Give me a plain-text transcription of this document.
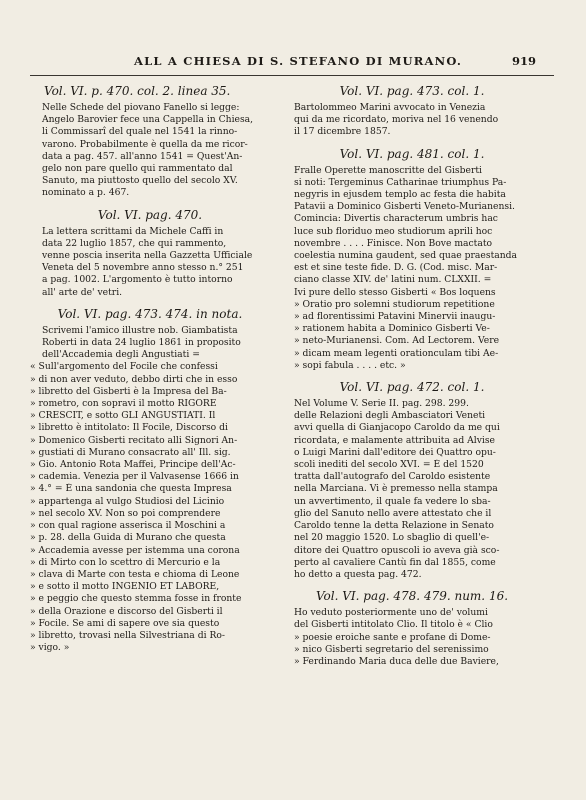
ALL A CHIESA DI S. STEFANO DI MURANO.	919
Vol. VI. p. 470. col. 2. linea 35.
Nelle Schede del piovano Fanello si legge:
Angelo Barovier fece una Cappella in Chiesa,
li Commissarî del quale nel 1541 la rinno-
varono. Probabilmente è quella da me ricor-
data a pag. 457. all'anno 1541 = Quest'An-
gelo non pare quello qui rammentato dal
Sanuto, ma piuttosto quello del secolo XV.
nominato a p. 467.
Vol. VI. pag. 470.
La lettera scrittami da Michele Caffi in
data 22 luglio 1857, che qui rammento,
venne poscia inserita nella Gazzetta Ufficiale
Veneta del 5 novembre anno stesso n.° 251
a pag. 1002. L'argomento è tutto intorno
all' arte de' vetri.
Vol. VI. pag. 473. 474. in nota.
Scrivemi l'amico illustre nob. Giambatista
Roberti in data 24 luglio 1861 in proposito
dell'Accademia degli Angustiati =
« Sull'argomento del Focile che confessi
» di non aver veduto, debbo dirti che in esso
» libretto del Gisberti è la Impresa del Ba-
» rometro, con sopravi il motto RIGORE
» CRESCIT, e sotto GLI ANGUSTIATI. Il
» libretto è intitolato: Il Focile, Discorso di
» Domenico Gisberti recitato alli Signori An-
» gustiati di Murano consacrato all' Ill. sig.
» Gio. Antonio Rota Maffei, Principe dell'Ac-
» cademia. Venezia per il Valvasense 1666 in
» 4.° = È una sandonia che questa Impresa
» appartenga al vulgo Studiosi del Licinio
» nel secolo XV. Non so poi comprendere
» con qual ragione asserisca il Moschini a
» p. 28. della Guida di Murano che questa
» Accademia avesse per istemma una corona
» di Mirto con lo scettro di Mercurio e la
» clava di Marte con testa e chioma di Leone
» e sotto il motto INGENIO ET LABORE,
» e peggio che questo stemma fosse in fronte
» della Orazione e discorso del Gisberti il
» Focile. Se ami di sapere ove sia questo
» libretto, trovasi nella Silvestriana di Ro-
» vigo. »
Vol. VI. pag. 473. col. 1.
Bartolommeo Marini avvocato in Venezia
qui da me ricordato, moriva nel 16 venendo
il 17 dicembre 1857.
Vol. VI. pag. 481. col. 1.
Fralle Operette manoscritte del Gisberti
si noti: Tergeminus Catharinae triumphus Pa-
negyris in ejusdem templo ac festa die habita
Patavii a Dominico Gisberti Veneto-Murianensi.
Comincia: Divertis characterum umbris hac
luce sub floriduo meo studiorum aprili hoc
novembre . . . . Finisce. Non Bove mactato
coelestia numina gaudent, sed quae praestanda
est et sine teste fide. D. G. (Cod. misc. Mar-
ciano classe XIV. de' latini num. CLXXII. =
Ivi pure dello stesso Gisberti « Bos loquens
» Oratio pro solemni studiorum repetitione
» ad florentissimi Patavini Minervii inaugu-
» rationem habita a Dominico Gisberti Ve-
» neto-Murianensi. Com. Ad Lectorem. Vere
» dicam meam legenti orationculam tibi Ae-
» sopi fabula . . . . etc. »
Vol. VI. pag. 472. col. 1.
Nel Volume V. Serie II. pag. 298. 299.
delle Relazioni degli Ambasciatori Veneti
avvi quella di Gianjacopo Caroldo da me qui
ricordata, e malamente attribuita ad Alvise
o Luigi Marini dall'editore dei Quattro opu-
scoli inediti del secolo XVI. = È del 1520
tratta dall'autografo del Caroldo esistente
nella Marciana. Vi è premesso nella stampa
un avvertimento, il quale fa vedere lo sba-
glio del Sanuto nello avere attestato che il
Caroldo tenne la detta Relazione in Senato
nel 20 maggio 1520. Lo sbaglio di quell'e-
ditore dei Quattro opuscoli io aveva già sco-
perto al cavaliere Cantù fin dal 1855, come
ho detto a questa pag. 472.
Vol. VI. pag. 478. 479. num. 16.
Ho veduto posteriormente uno de' volumi
del Gisberti intitolato Clio. Il titolo è « Clio
» poesie eroiche sante e profane di Dome-
» nico Gisberti segretario del serenissimo
» Ferdinando Maria duca delle due Baviere,
